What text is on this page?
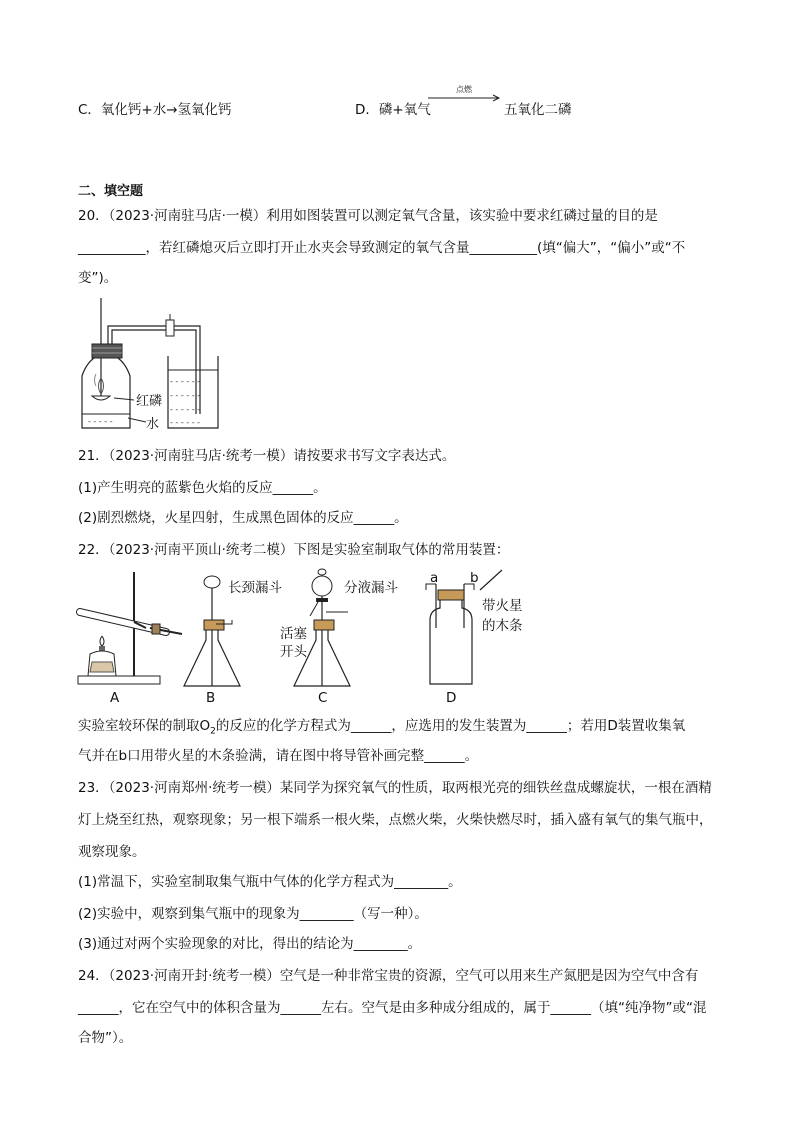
C．氧化钙+水→氢氧化钙	D．磷+氧气
点燃
五氧化二磷
二、填空题
20．（2023·河南驻马店·一模）利用如图装置可以测定氧气含量，该实验中要求红磷过量的目的是
__________，若红磷熄灭后立即打开止水夹会导致测定的氧气含量__________(填“偏大”，“偏小”或“不
变”)。
- - - - -
- - - - - -
- - - - - -
- - - - - -
- - - - - -
红磷
水
21．（2023·河南驻马店·统考一模）请按要求书写文字表达式。
(1)产生明亮的蓝紫色火焰的反应______。
(2)剧烈燃烧，火星四射，生成黑色固体的反应______。
22．（2023·河南平顶山·统考二模）下图是实验室制取气体的常用装置：
A	B	C	D
长颈漏斗	分液漏斗
活塞
开头
a b
带火星
的木条
实验室较环保的制取$O_2$的反应的化学方程式为______，应选用的发生装置为______；若用D装置收集氧
气并在b口用带火星的木条验满，请在图中将导管补画完整______。
23．（2023·河南郑州·统考一模）某同学为探究氧气的性质，取两根光亮的细铁丝盘成螺旋状，一根在酒精
灯上烧至红热，观察现象；另一根下端系一根火柴，点燃火柴，火柴快燃尽时，插入盛有氧气的集气瓶中，
观察现象。
(1)常温下，实验室制取集气瓶中气体的化学方程式为________。
(2)实验中，观察到集气瓶中的现象为________（写一种）。
(3)通过对两个实验现象的对比，得出的结论为________。
24．（2023·河南开封·统考一模）空气是一种非常宝贵的资源，空气可以用来生产氮肥是因为空气中含有
______，它在空气中的体积含量为______左右。空气是由多种成分组成的，属于______（填“纯净物”或“混
合物”）。
